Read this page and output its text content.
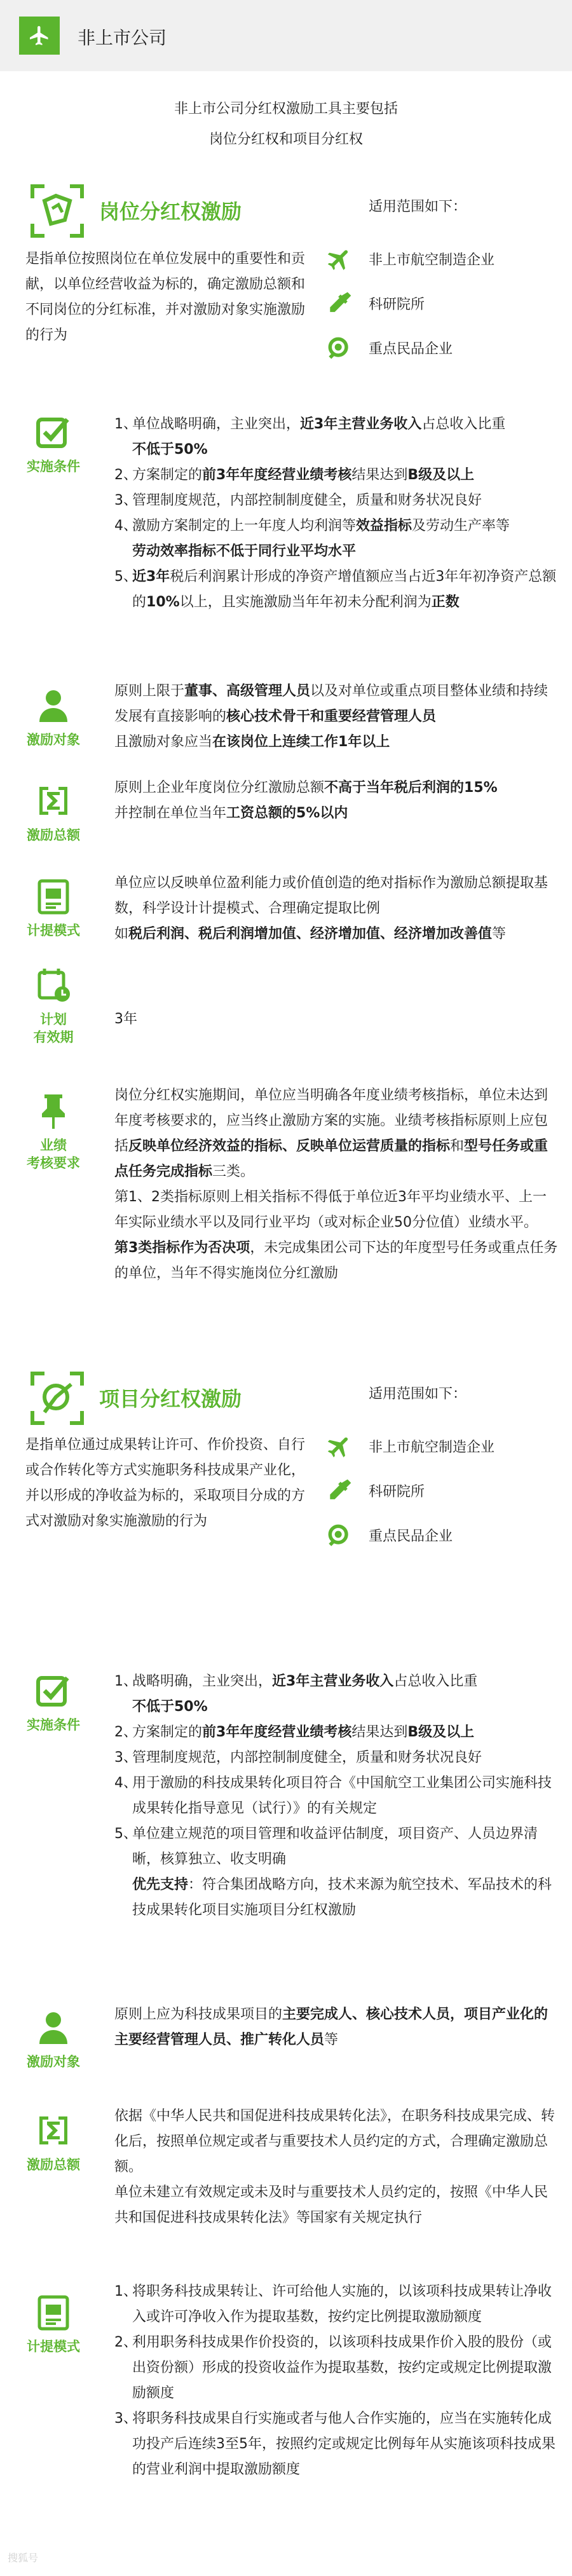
非上市公司
非上市公司分红权激励工具主要包括
岗位分红权和项目分红权
岗位分红权激励	适用范围如下：
是指单位按照岗位在单位发展中的重要性和贡献，以单位经营收益为标的，确定激励总额和不同岗位的分红标准，并对激励对象实施激励的行为
非上市航空制造企业
科研院所
重点民品企业
实施条件
1、
单位战略明确，主业突出，近3年主营业务收入占总收入比重
不低于50%
2、
方案制定的前3年年度经营业绩考核结果达到B级及以上
3、
管理制度规范，内部控制制度健全，质量和财务状况良好
4、
激励方案制定的上一年度人均利润等效益指标及劳动生产率等
劳动效率指标不低于同行业平均水平
5、
近3年税后利润累计形成的净资产增值额应当占近3年年初净资产总额的10%以上，且实施激励当年年初未分配利润为正数
激励对象
原则上限于董事、高级管理人员以及对单位或重点项目整体业绩和持续发展有直接影响的核心技术骨干和重要经营管理人员
且激励对象应当在该岗位上连续工作1年以上
激励总额
原则上企业年度岗位分红激励总额不高于当年税后利润的15%
并控制在单位当年工资总额的5%以内
计提模式
单位应以反映单位盈利能力或价值创造的绝对指标作为激励总额提取基数，科学设计计提模式、合理确定提取比例
如税后利润、税后利润增加值、经济增加值、经济增加改善值等
计划
有效期
3年
业绩
考核要求

岗位分红权实施期间，单位应当明确各年度业绩考核指标，单位未达到年度考核要求的，应当终止激励方案的实施。业绩考核指标原则上应包括反映单位经济效益的指标、反映单位运营质量的指标和型号任务或重点任务完成指标三类。

第1、2类指标原则上相关指标不得低于单位近3年平均业绩水平、上一年实际业绩水平以及同行业平均（或对标企业50分位值）业绩水平。

第3类指标作为否决项，未完成集团公司下达的年度型号任务或重点任务的单位，当年不得实施岗位分红激励

项目分红权激励	适用范围如下：
是指单位通过成果转让许可、作价投资、自行或合作转化等方式实施职务科技成果产业化，并以形成的净收益为标的，采取项目分成的方式对激励对象实施激励的行为
非上市航空制造企业
科研院所
重点民品企业
实施条件
1、
战略明确，主业突出，近3年主营业务收入占总收入比重
不低于50%
2、
方案制定的前3年年度经营业绩考核结果达到B级及以上
3、
管理制度规范，内部控制制度健全，质量和财务状况良好
4、
用于激励的科技成果转化项目符合《中国航空工业集团公司实施科技成果转化指导意见（试行）》的有关规定
5、
单位建立规范的项目管理和收益评估制度，项目资产、人员边界清晰，核算独立、收支明确
优先支持：符合集团战略方向，技术来源为航空技术、军品技术的科技成果转化项目实施项目分红权激励
激励对象
原则上应为科技成果项目的主要完成人、核心技术人员，项目产业化的主要经营管理人员、推广转化人员等
激励总额

依据《中华人民共和国促进科技成果转化法》，在职务科技成果完成、转化后，按照单位规定或者与重要技术人员约定的方式，合理确定激励总额。

单位未建立有效规定或未及时与重要技术人员约定的，按照《中华人民共和国促进科技成果转化法》等国家有关规定执行

计提模式
1、
将职务科技成果转让、许可给他人实施的，以该项科技成果转让净收入或许可净收入作为提取基数，按约定比例提取激励额度
2、
利用职务科技成果作价投资的，以该项科技成果作价入股的股份（或出资份额）形成的投资收益作为提取基数，按约定或规定比例提取激励额度
3、
将职务科技成果自行实施或者与他人合作实施的，应当在实施转化成功投产后连续3至5年，按照约定或规定比例每年从实施该项科技成果的营业利润中提取激励额度
搜狐号
